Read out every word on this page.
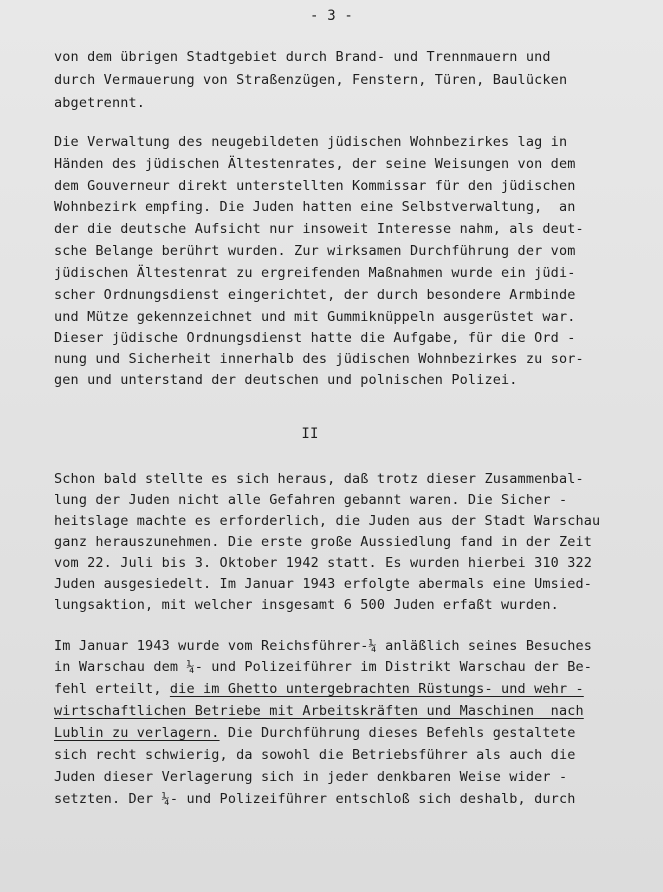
- 3 -
von dem übrigen Stadtgebiet durch Brand- und Trennmauern und
durch Vermauerung von Straßenzügen, Fenstern, Türen, Baulücken
abgetrennt.
Die Verwaltung des neugebildeten jüdischen Wohnbezirkes lag in
Händen des jüdischen Ältestenrates, der seine Weisungen von dem
dem Gouverneur direkt unterstellten Kommissar für den jüdischen
Wohnbezirk empfing. Die Juden hatten eine Selbstverwaltung,  an
der die deutsche Aufsicht nur insoweit Interesse nahm, als deut-
sche Belange berührt wurden. Zur wirksamen Durchführung der vom
jüdischen Ältestenrat zu ergreifenden Maßnahmen wurde ein jüdi-
scher Ordnungsdienst eingerichtet, der durch besondere Armbinde
und Mütze gekennzeichnet und mit Gummiknüppeln ausgerüstet war.
Dieser jüdische Ordnungsdienst hatte die Aufgabe, für die Ord -
nung und Sicherheit innerhalb des jüdischen Wohnbezirkes zu sor-
gen und unterstand der deutschen und polnischen Polizei.
II
Schon bald stellte es sich heraus, daß trotz dieser Zusammenbal-
lung der Juden nicht alle Gefahren gebannt waren. Die Sicher -
heitslage machte es erforderlich, die Juden aus der Stadt Warschau
ganz herauszunehmen. Die erste große Aussiedlung fand in der Zeit
vom 22. Juli bis 3. Oktober 1942 statt. Es wurden hierbei 310 322
Juden ausgesiedelt. Im Januar 1943 erfolgte abermals eine Umsied-
lungsaktion, mit welcher insgesamt 6 500 Juden erfaßt wurden.
Im Januar 1943 wurde vom Reichsführer-¼ anläßlich seines Besuches
in Warschau dem ¼- und Polizeiführer im Distrikt Warschau der Be-
fehl erteilt, die im Ghetto untergebrachten Rüstungs- und wehr -
wirtschaftlichen Betriebe mit Arbeitskräften und Maschinen  nach
Lublin zu verlagern. Die Durchführung dieses Befehls gestaltete
sich recht schwierig, da sowohl die Betriebsführer als auch die
Juden dieser Verlagerung sich in jeder denkbaren Weise wider -
setzten. Der ¼- und Polizeiführer entschloß sich deshalb, durch
